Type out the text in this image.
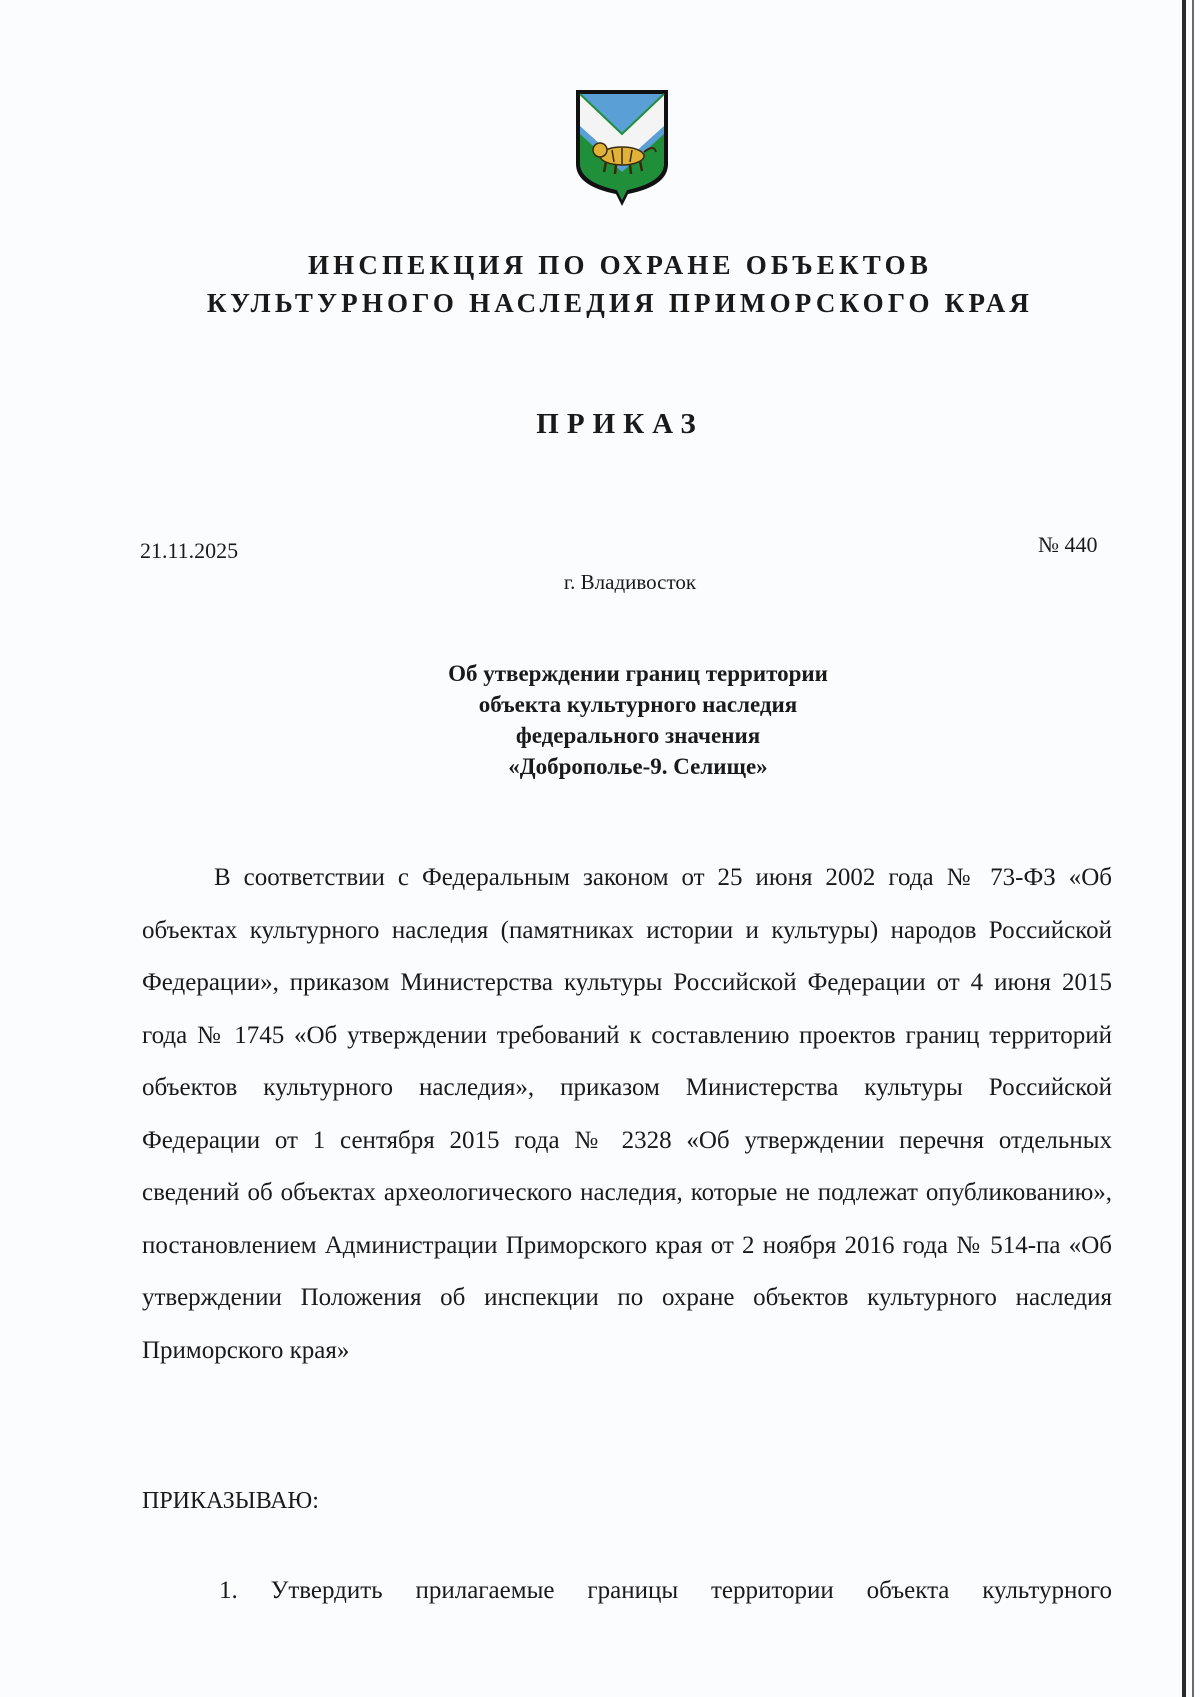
ИНСПЕКЦИЯ ПО ОХРАНЕ ОБЪЕКТОВ
КУЛЬТУРНОГО НАСЛЕДИЯ ПРИМОРСКОГО КРАЯ
ПРИКАЗ
21.11.2025	№ 440
г. Владивосток
Об утверждении границ территории
объекта культурного наследия
федерального значения
«Доброполье-9. Селище»

В соответствии с Федеральным законом от 25 июня 2002 года № 73-ФЗ «Об объектах культурного наследия (памятниках истории и культуры) народов Российской Федерации», приказом Министерства культуры Российской Федерации от 4 июня 2015 года № 1745 «Об утверждении требований к составлению проектов границ территорий объектов культурного наследия», приказом Министерства культуры Российской Федерации от 1 сентября 2015 года № 2328 «Об утверждении перечня отдельных сведений об объектах археологического наследия, которые не подлежат опубликованию», постановлением Администрации Приморского края от 2 ноября 2016 года № 514-па «Об утверждении Положения об инспекции по охране объектов культурного наследия Приморского края»

ПРИКАЗЫВАЮ:
1. Утвердить прилагаемые границы территории объекта культурного
